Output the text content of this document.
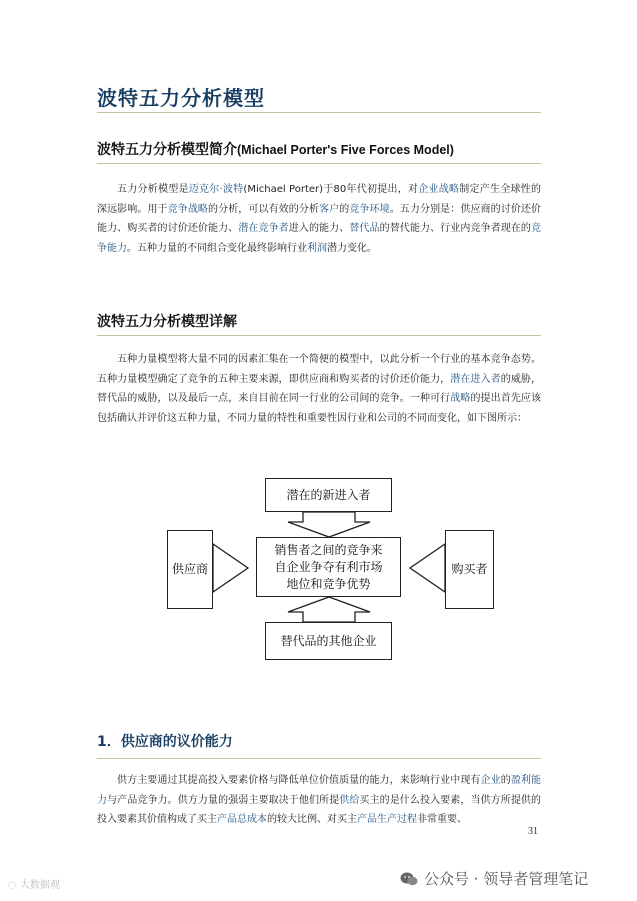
波特五力分析模型
波特五力分析模型简介(Michael Porter's Five Forces Model)
五力分析模型是迈克尔·波特(Michael Porter)于80年代初提出，对企业战略制定产生全球性的深远影响。用于竞争战略的分析，可以有效的分析客户的竞争环境。五力分别是：供应商的讨价还价能力、购买者的讨价还价能力、潜在竞争者进入的能力、替代品的替代能力、行业内竞争者现在的竞争能力。五种力量的不同组合变化最终影响行业利润潜力变化。
波特五力分析模型详解
五种力量模型将大量不同的因素汇集在一个简便的模型中，以此分析一个行业的基本竞争态势。五种力量模型确定了竞争的五种主要来源，即供应商和购买者的讨价还价能力，潜在进入者的威胁，替代品的威胁，以及最后一点，来自目前在同一行业的公司间的竞争。一种可行战略的提出首先应该包括确认并评价这五种力量，不同力量的特性和重要性因行业和公司的不同而变化，如下图所示：
潜在的新进入者
供应商	购买者
销售者之间的竞争来
自企业争夺有利市场
地位和竞争优势
替代品的其他企业
1．供应商的议价能力
供方主要通过其提高投入要素价格与降低单位价值质量的能力，来影响行业中现有企业的盈利能力与产品竞争力。供方力量的强弱主要取决于他们所提供给买主的是什么投入要素，当供方所提供的投入要素其价值构成了买主产品总成本的较大比例、对买主产品生产过程非常重要、
31
◌ 大数据观	公众号 · 领导者管理笔记
